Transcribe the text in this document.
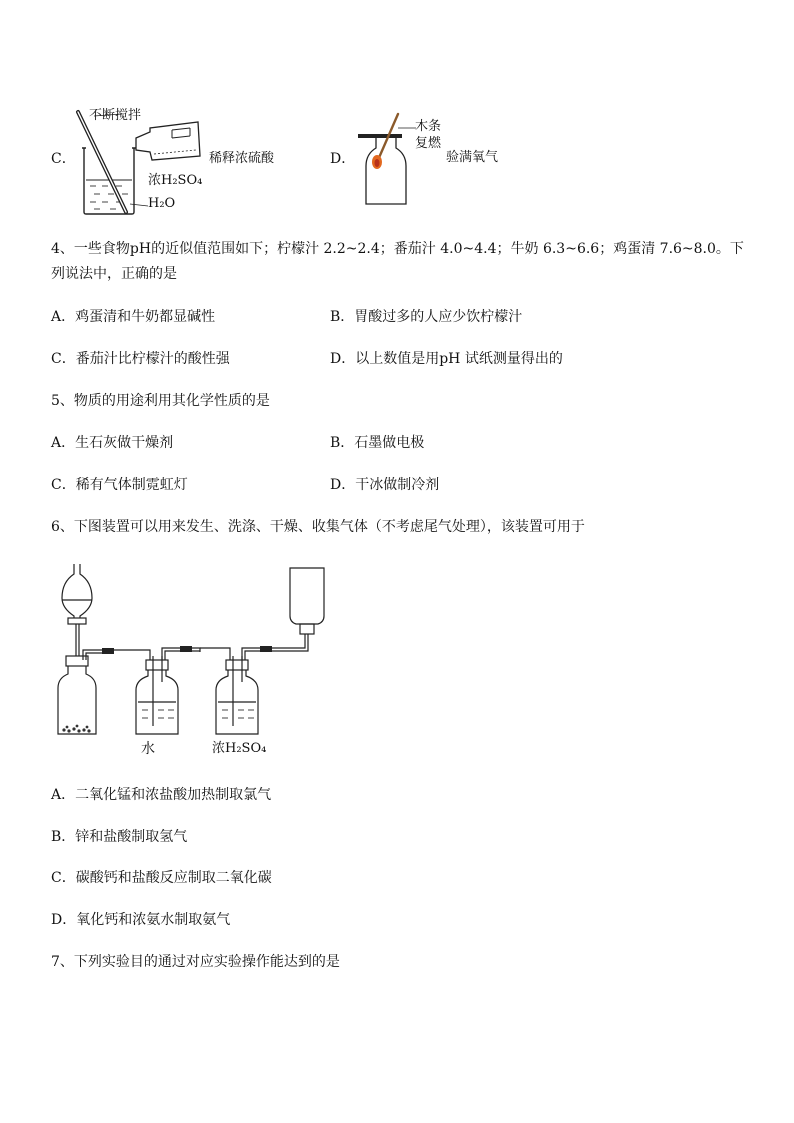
C．
不断搅拌
稀释浓硫酸
浓H₂SO₄
H₂O
D．
木条
复燃
验满氧气
4、一些食物pH的近似值范围如下；柠檬汁 2.2~2.4；番茄汁 4.0~4.4；牛奶 6.3~6.6；鸡蛋清 7.6~8.0。下
列说法中，正确的是
A．鸡蛋清和牛奶都显碱性	B．胃酸过多的人应少饮柠檬汁
C．番茄汁比柠檬汁的酸性强	D．以上数值是用pH 试纸测量得出的
5、物质的用途利用其化学性质的是
A．生石灰做干燥剂	B．石墨做电极
C．稀有气体制霓虹灯	D．干冰做制冷剂
6、下图装置可以用来发生、洗涤、干燥、收集气体（不考虑尾气处理），该装置可用于
水	浓H₂SO₄
A．二氧化锰和浓盐酸加热制取氯气
B．锌和盐酸制取氢气
C．碳酸钙和盐酸反应制取二氧化碳
D．氧化钙和浓氨水制取氨气
7、下列实验目的通过对应实验操作能达到的是
